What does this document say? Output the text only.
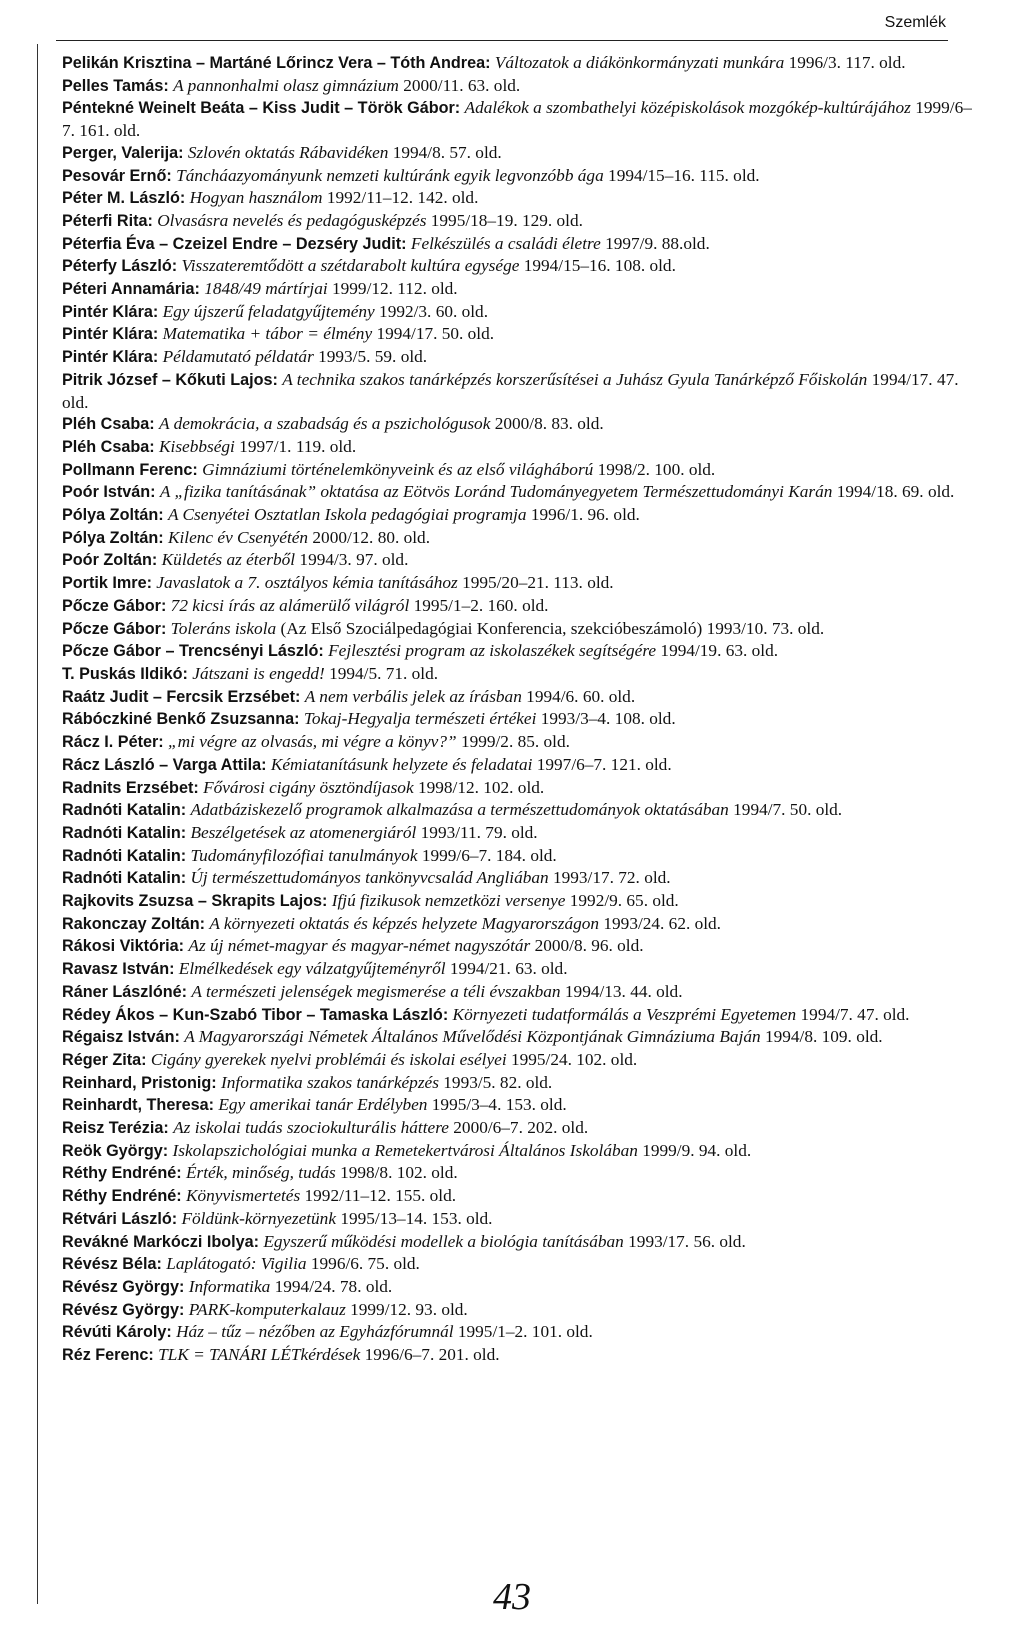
Szemlék
Pelikán Krisztina – Martáné Lőrincz Vera – Tóth Andrea: Változatok a diákönkormányzati munkára 1996/3. 117. old.
Pelles Tamás: A pannonhalmi olasz gimnázium 2000/11. 63. old.
Péntekné Weinelt Beáta – Kiss Judit – Török Gábor: Adalékok a szombathelyi középiskolások mozgókép-kultúrájához 1999/6–7. 161. old.
Perger, Valerija: Szlovén oktatás Rábavidéken 1994/8. 57. old.
Pesovár Ernő: Táncháazyományunk nemzeti kultúránk egyik legvonzóbb ága 1994/15–16. 115. old.
Péter M. László: Hogyan használom 1992/11–12. 142. old.
Péterfi Rita: Olvasásra nevelés és pedagógusképzés 1995/18–19. 129. old.
Péterfia Éva – Czeizel Endre – Dezséry Judit: Felkészülés a családi életre 1997/9. 88.old.
Péterfy László: Visszateremtődött a szétdarabolt kultúra egysége 1994/15–16. 108. old.
Péteri Annamária: 1848/49 mártírjai 1999/12. 112. old.
Pintér Klára: Egy újszerű feladatgyűjtemény 1992/3. 60. old.
Pintér Klára: Matematika + tábor = élmény 1994/17. 50. old.
Pintér Klára: Példamutató példatár 1993/5. 59. old.
Pitrik József – Kőkuti Lajos: A technika szakos tanárképzés korszerűsítései a Juhász Gyula Tanárképző Főiskolán 1994/17. 47. old.
Pléh Csaba: A demokrácia, a szabadság és a pszichológusok 2000/8. 83. old.
Pléh Csaba: Kisebbségi 1997/1. 119. old.
Pollmann Ferenc: Gimnáziumi történelemkönyveink és az első világháború 1998/2. 100. old.
Poór István: A „fizika tanításának” oktatása az Eötvös Loránd Tudományegyetem Természettudományi Karán 1994/18. 69. old.
Pólya Zoltán: A Csenyétei Osztatlan Iskola pedagógiai programja 1996/1. 96. old.
Pólya Zoltán: Kilenc év Csenyétén 2000/12. 80. old.
Poór Zoltán: Küldetés az éterből 1994/3. 97. old.
Portik Imre: Javaslatok a 7. osztályos kémia tanításához 1995/20–21. 113. old.
Pőcze Gábor: 72 kicsi írás az alámerülő világról 1995/1–2. 160. old.
Pőcze Gábor: Toleráns iskola (Az Első Szociálpedagógiai Konferencia, szekcióbeszámoló) 1993/10. 73. old.
Pőcze Gábor – Trencsényi László: Fejlesztési program az iskolaszékek segítségére 1994/19. 63. old.
T. Puskás Ildikó: Játszani is engedd! 1994/5. 71. old.
Raátz Judit – Fercsik Erzsébet: A nem verbális jelek az írásban 1994/6. 60. old.
Rábóczkiné Benkő Zsuzsanna: Tokaj-Hegyalja természeti értékei 1993/3–4. 108. old.
Rácz I. Péter: „mi végre az olvasás, mi végre a könyv?” 1999/2. 85. old.
Rácz László – Varga Attila: Kémiatanításunk helyzete és feladatai 1997/6–7. 121. old.
Radnits Erzsébet: Fővárosi cigány ösztöndíjasok 1998/12. 102. old.
Radnóti Katalin: Adatbáziskezelő programok alkalmazása a természettudományok oktatásában 1994/7. 50. old.
Radnóti Katalin: Beszélgetések az atomenergiáról 1993/11. 79. old.
Radnóti Katalin: Tudományfilozófiai tanulmányok 1999/6–7. 184. old.
Radnóti Katalin: Új természettudományos tankönyvcsalád Angliában 1993/17. 72. old.
Rajkovits Zsuzsa – Skrapits Lajos: Ifjú fizikusok nemzetközi versenye 1992/9. 65. old.
Rakonczay Zoltán: A környezeti oktatás és képzés helyzete Magyarországon 1993/24. 62. old.
Rákosi Viktória: Az új német-magyar és magyar-német nagyszótár 2000/8. 96. old.
Ravasz István: Elmélkedések egy válzatgyűjteményről 1994/21. 63. old.
Ráner Lászlóné: A természeti jelenségek megismerése a téli évszakban 1994/13. 44. old.
Rédey Ákos – Kun-Szabó Tibor – Tamaska László: Környezeti tudatformálás a Veszprémi Egyetemen 1994/7. 47. old.
Régaisz István: A Magyarországi Németek Általános Művelődési Központjának Gimnáziuma Baján 1994/8. 109. old.
Réger Zita: Cigány gyerekek nyelvi problémái és iskolai esélyei 1995/24. 102. old.
Reinhard, Pristonig: Informatika szakos tanárképzés 1993/5. 82. old.
Reinhardt, Theresa: Egy amerikai tanár Erdélyben 1995/3–4. 153. old.
Reisz Terézia: Az iskolai tudás szociokulturális háttere 2000/6–7. 202. old.
Reök György: Iskolapszichológiai munka a Remetekertvárosi Általános Iskolában 1999/9. 94. old.
Réthy Endréné: Érték, minőség, tudás 1998/8. 102. old.
Réthy Endréné: Könyvismertetés 1992/11–12. 155. old.
Rétvári László: Földünk-környezetünk 1995/13–14. 153. old.
Revákné Markóczi Ibolya: Egyszerű működési modellek a biológia tanításában 1993/17. 56. old.
Révész Béla: Laplátogató: Vigilia 1996/6. 75. old.
Révész György: Informatika 1994/24. 78. old.
Révész György: PARK-komputerkalauz 1999/12. 93. old.
Révúti Károly: Ház – tűz – nézőben az Egyházfórumnál 1995/1–2. 101. old.
Réz Ferenc: TLK = TANÁRI LÉTkérdések 1996/6–7. 201. old.
43
